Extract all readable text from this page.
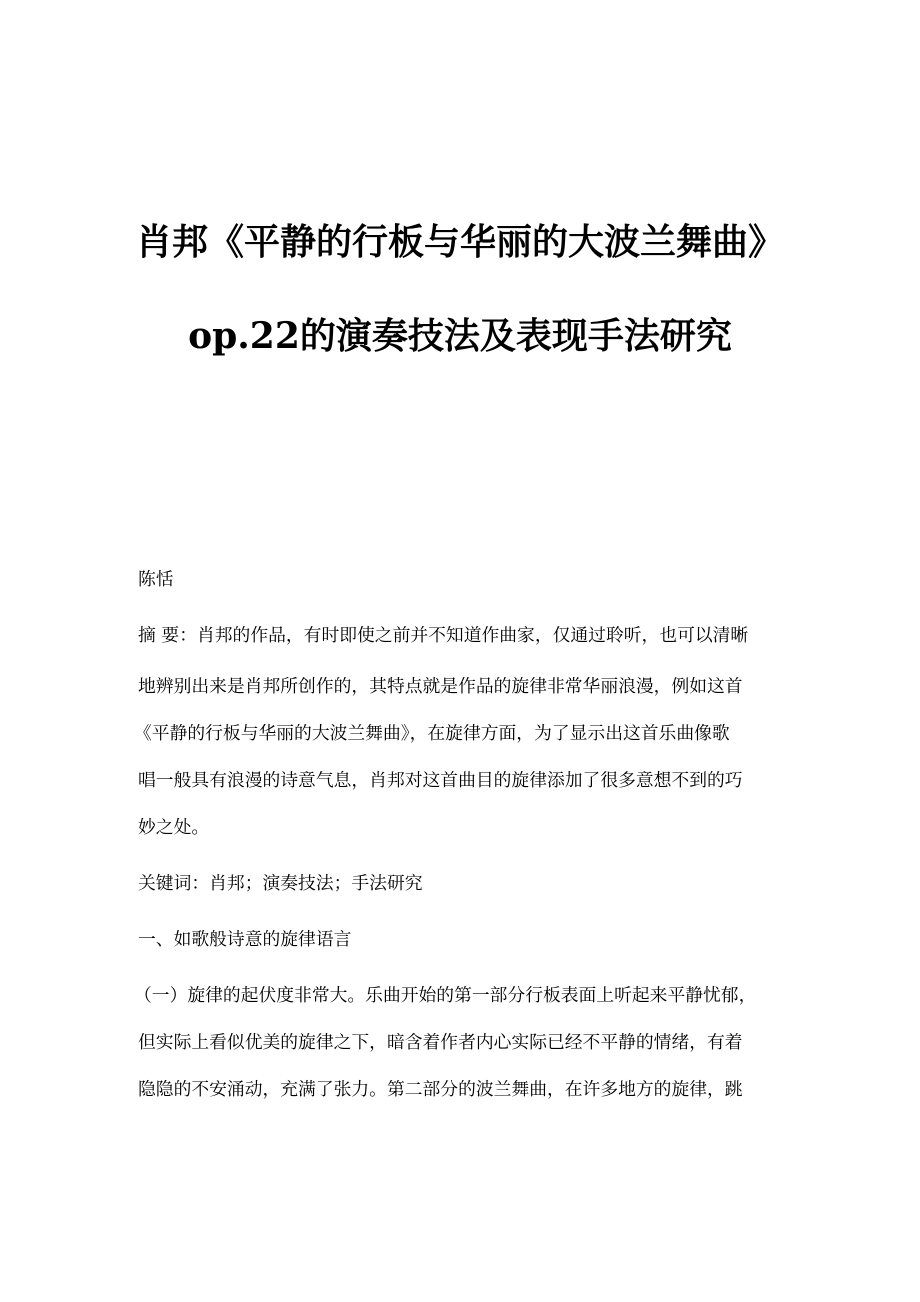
肖邦《平静的行板与华丽的大波兰舞曲》
op.22的演奏技法及表现手法研究
陈恬
摘 要：肖邦的作品，有时即使之前并不知道作曲家，仅通过聆听，也可以清晰
地辨别出来是肖邦所创作的，其特点就是作品的旋律非常华丽浪漫，例如这首
《平静的行板与华丽的大波兰舞曲》，在旋律方面，为了显示出这首乐曲像歌
唱一般具有浪漫的诗意气息，肖邦对这首曲目的旋律添加了很多意想不到的巧
妙之处。
关键词：肖邦；演奏技法；手法研究
一、如歌般诗意的旋律语言
（一）旋律的起伏度非常大。乐曲开始的第一部分行板表面上听起来平静忧郁，
但实际上看似优美的旋律之下，暗含着作者内心实际已经不平静的情绪，有着
隐隐的不安涌动，充满了张力。第二部分的波兰舞曲，在许多地方的旋律，跳
